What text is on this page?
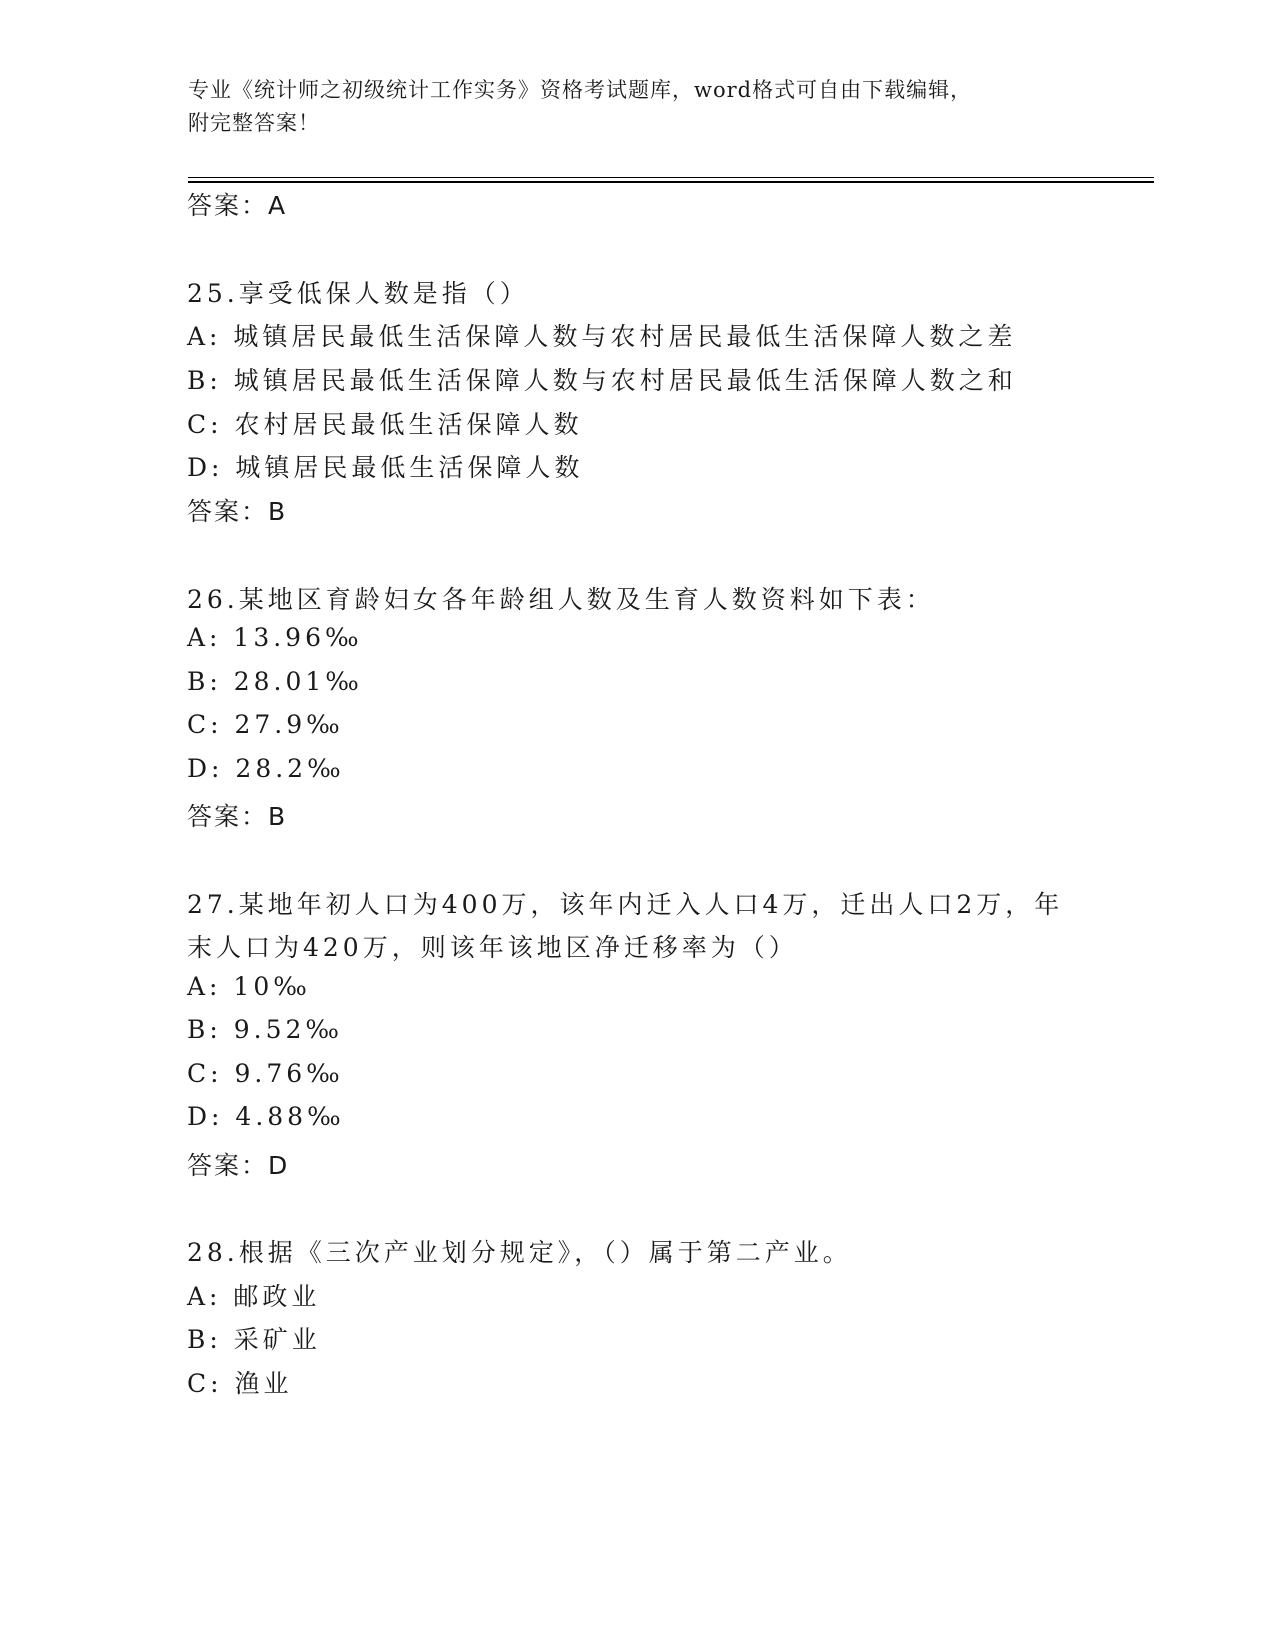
专业《统计师之初级统计工作实务》资格考试题库，word格式可自由下载编辑，
附完整答案！
答案：A
25.享受低保人数是指（）
A: 城镇居民最低生活保障人数与农村居民最低生活保障人数之差
B: 城镇居民最低生活保障人数与农村居民最低生活保障人数之和
C: 农村居民最低生活保障人数
D: 城镇居民最低生活保障人数
答案：B
26.某地区育龄妇女各年龄组人数及生育人数资料如下表：
A: 13.96‰
B: 28.01‰
C: 27.9‰
D: 28.2‰
答案：B
27.某地年初人口为400万，该年内迁入人口4万，迁出人口2万，年
末人口为420万，则该年该地区净迁移率为（）
A: 10‰
B: 9.52‰
C: 9.76‰
D: 4.88‰
答案：D
28.根据《三次产业划分规定》，（）属于第二产业。
A: 邮政业
B: 采矿业
C: 渔业
